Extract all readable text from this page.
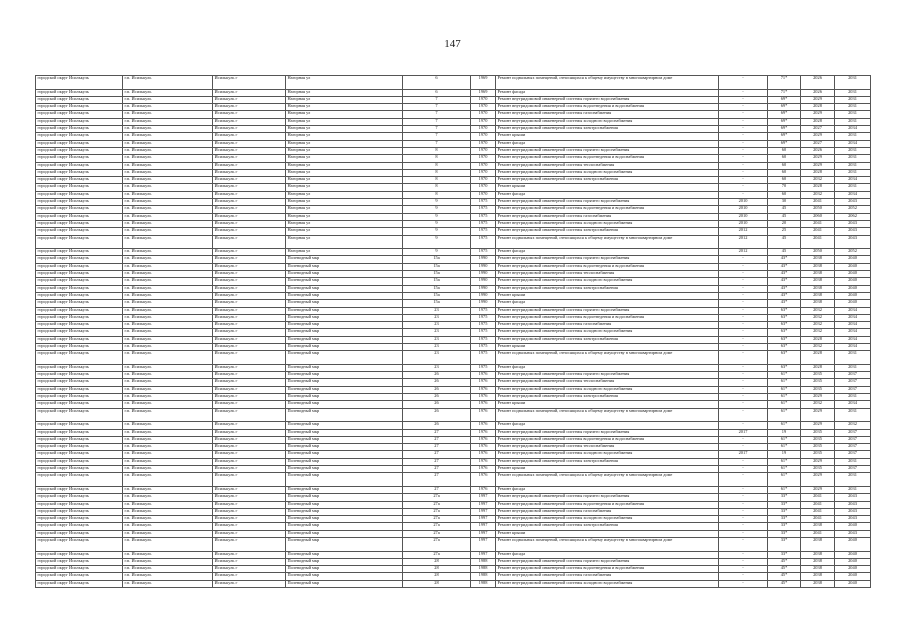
147
городской округ Исилькуль	г.п. Исилькуль	Исилькуль г	Нагорная ул	6	1969	Ремонт подвальных помещений, относящихся к общему имуществу в многоквартирном доме	-	71*	2026	2031
городской округ Исилькуль	г.п. Исилькуль	Исилькуль г	Нагорная ул	6	1969	Ремонт фасада	-	71*	2026	2031
городской округ Исилькуль	г.п. Исилькуль	Исилькуль г	Нагорная ул	7	1970	Ремонт внутридомовой инженерной системы горячего водоснабжения	-	69*	2029	2031
городской округ Исилькуль	г.п. Исилькуль	Исилькуль г	Нагорная ул	7	1970	Ремонт внутридомовой инженерной системы водоотведения и водоснабжения	-	69*	2028	2031
городской округ Исилькуль	г.п. Исилькуль	Исилькуль г	Нагорная ул	7	1970	Ремонт внутридомовой инженерной системы газоснабжения	-	69*	2029	2031
городской округ Исилькуль	г.п. Исилькуль	Исилькуль г	Нагорная ул	7	1970	Ремонт внутридомовой инженерной системы холодного водоснабжения	-	69*	2028	2031
городской округ Исилькуль	г.п. Исилькуль	Исилькуль г	Нагорная ул	7	1970	Ремонт внутридомовой инженерной системы электроснабжения	-	69*	2027	2034
городской округ Исилькуль	г.п. Исилькуль	Исилькуль г	Нагорная ул	7	1970	Ремонт крыши	-	69*	2029	2031
городской округ Исилькуль	г.п. Исилькуль	Исилькуль г	Нагорная ул	7	1970	Ремонт фасада	-	69*	2027	2034
городской округ Исилькуль	г.п. Исилькуль	Исилькуль г	Нагорная ул	8	1970	Ремонт внутридомовой инженерной системы горячего водоснабжения	-	60	2026	2031
городской округ Исилькуль	г.п. Исилькуль	Исилькуль г	Нагорная ул	8	1970	Ремонт внутридомовой инженерной системы водоотведения и водоснабжения	-	60	2029	2031
городской округ Исилькуль	г.п. Исилькуль	Исилькуль г	Нагорная ул	8	1970	Ремонт внутридомовой инженерной системы теплоснабжения	-	60	2029	2031
городской округ Исилькуль	г.п. Исилькуль	Исилькуль г	Нагорная ул	8	1970	Ремонт внутридомовой инженерной системы холодного водоснабжения	-	60	2028	2031
городской округ Исилькуль	г.п. Исилькуль	Исилькуль г	Нагорная ул	8	1970	Ремонт внутридомовой инженерной системы электроснабжения	-	60	2032	2034
городской округ Исилькуль	г.п. Исилькуль	Исилькуль г	Нагорная ул	8	1970	Ремонт крыши	-	70	2028	2031
городской округ Исилькуль	г.п. Исилькуль	Исилькуль г	Нагорная ул	8	1970	Ремонт фасада	-	60	2032	2034
городской округ Исилькуль	г.п. Исилькуль	Исилькуль г	Нагорная ул	9	1975	Ремонт внутридомовой инженерной системы горячего водоснабжения	2010	30	2041	2043
городской округ Исилькуль	г.п. Исилькуль	Исилькуль г	Нагорная ул	9	1975	Ремонт внутридомовой инженерной системы водоотведения и водоснабжения	2010	45	2050	2052
городской округ Исилькуль	г.п. Исилькуль	Исилькуль г	Нагорная ул	9	1975	Ремонт внутридомовой инженерной системы газоснабжения	2010	45	2060	2062
городской округ Исилькуль	г.п. Исилькуль	Исилькуль г	Нагорная ул	9	1975	Ремонт внутридомовой инженерной системы холодного водоснабжения	2010	20	2041	2043
городской округ Исилькуль	г.п. Исилькуль	Исилькуль г	Нагорная ул	9	1975	Ремонт внутридомовой инженерной системы электроснабжения	2012	25	2041	2043
городской округ Исилькуль	г.п. Исилькуль	Исилькуль г	Нагорная ул	9	1975	Ремонт подвальных помещений, относящихся к общему имуществу в многоквартирном доме	2012	45	2041	2043
городской округ Исилькуль	г.п. Исилькуль	Исилькуль г	Нагорная ул	9	1975	Ремонт фасада	2012	45	2050	2052
городской округ Исилькуль	г.п. Исилькуль	Исилькуль г	Полеводный мкр	15а	1990	Ремонт внутридомовой инженерной системы горячего водоснабжения	-	43*	2038	2040
городской округ Исилькуль	г.п. Исилькуль	Исилькуль г	Полеводный мкр	15а	1990	Ремонт внутридомовой инженерной системы водоотведения и водоснабжения	-	43*	2038	2040
городской округ Исилькуль	г.п. Исилькуль	Исилькуль г	Полеводный мкр	15а	1990	Ремонт внутридомовой инженерной системы теплоснабжения	-	43*	2038	2040
городской округ Исилькуль	г.п. Исилькуль	Исилькуль г	Полеводный мкр	15а	1990	Ремонт внутридомовой инженерной системы холодного водоснабжения	-	43*	2038	2040
городской округ Исилькуль	г.п. Исилькуль	Исилькуль г	Полеводный мкр	15а	1990	Ремонт внутридомовой инженерной системы электроснабжения	-	43*	2038	2040
городской округ Исилькуль	г.п. Исилькуль	Исилькуль г	Полеводный мкр	15а	1990	Ремонт крыши	-	43*	2038	2040
городской округ Исилькуль	г.п. Исилькуль	Исилькуль г	Полеводный мкр	15а	1990	Ремонт фасада	-	43*	2038	2040
городской округ Исилькуль	г.п. Исилькуль	Исилькуль г	Полеводный мкр	23	1975	Ремонт внутридомовой инженерной системы горячего водоснабжения	-	63*	2032	2034
городской округ Исилькуль	г.п. Исилькуль	Исилькуль г	Полеводный мкр	23	1975	Ремонт внутридомовой инженерной системы водоотведения и водоснабжения	-	63*	2032	2034
городской округ Исилькуль	г.п. Исилькуль	Исилькуль г	Полеводный мкр	23	1975	Ремонт внутридомовой инженерной системы газоснабжения	-	63*	2032	2034
городской округ Исилькуль	г.п. Исилькуль	Исилькуль г	Полеводный мкр	23	1975	Ремонт внутридомовой инженерной системы холодного водоснабжения	-	63*	2032	2034
городской округ Исилькуль	г.п. Исилькуль	Исилькуль г	Полеводный мкр	23	1975	Ремонт внутридомовой инженерной системы электроснабжения	-	63*	2028	2034
городской округ Исилькуль	г.п. Исилькуль	Исилькуль г	Полеводный мкр	23	1975	Ремонт крыши	-	63*	2032	2034
городской округ Исилькуль	г.п. Исилькуль	Исилькуль г	Полеводный мкр	23	1975	Ремонт подвальных помещений, относящихся к общему имуществу в многоквартирном доме	-	63*	2028	2031
городской округ Исилькуль	г.п. Исилькуль	Исилькуль г	Полеводный мкр	23	1975	Ремонт фасада	-	63*	2028	2031
городской округ Исилькуль	г.п. Исилькуль	Исилькуль г	Полеводный мкр	26	1976	Ремонт внутридомовой инженерной системы горячего водоснабжения	-	61*	2035	2037
городской округ Исилькуль	г.п. Исилькуль	Исилькуль г	Полеводный мкр	26	1976	Ремонт внутридомовой инженерной системы теплоснабжения	-	61*	2035	2037
городской округ Исилькуль	г.п. Исилькуль	Исилькуль г	Полеводный мкр	26	1976	Ремонт внутридомовой инженерной системы холодного водоснабжения	-	61*	2035	2037
городской округ Исилькуль	г.п. Исилькуль	Исилькуль г	Полеводный мкр	26	1976	Ремонт внутридомовой инженерной системы электроснабжения	-	61*	2029	2031
городской округ Исилькуль	г.п. Исилькуль	Исилькуль г	Полеводный мкр	26	1976	Ремонт крыши	-	61*	2032	2034
городской округ Исилькуль	г.п. Исилькуль	Исилькуль г	Полеводный мкр	26	1976	Ремонт подвальных помещений, относящихся к общему имуществу в многоквартирном доме	-	61*	2029	2031
городской округ Исилькуль	г.п. Исилькуль	Исилькуль г	Полеводный мкр	26	1976	Ремонт фасада	-	61*	2029	2032
городской округ Исилькуль	г.п. Исилькуль	Исилькуль г	Полеводный мкр	27	1976	Ремонт внутридомовой инженерной системы горячего водоснабжения	2017	19	2035	2037
городской округ Исилькуль	г.п. Исилькуль	Исилькуль г	Полеводный мкр	27	1976	Ремонт внутридомовой инженерной системы водоотведения и водоснабжения	-	61*	2035	2037
городской округ Исилькуль	г.п. Исилькуль	Исилькуль г	Полеводный мкр	27	1976	Ремонт внутридомовой инженерной системы теплоснабжения	-	61*	2035	2037
городской округ Исилькуль	г.п. Исилькуль	Исилькуль г	Полеводный мкр	27	1976	Ремонт внутридомовой инженерной системы холодного водоснабжения	2017	19	2035	2037
городской округ Исилькуль	г.п. Исилькуль	Исилькуль г	Полеводный мкр	27	1976	Ремонт внутридомовой инженерной системы электроснабжения	-	61*	2029	2031
городской округ Исилькуль	г.п. Исилькуль	Исилькуль г	Полеводный мкр	27	1976	Ремонт крыши	-	61*	2035	2037
городской округ Исилькуль	г.п. Исилькуль	Исилькуль г	Полеводный мкр	27	1976	Ремонт подвальных помещений, относящихся к общему имуществу в многоквартирном доме	-	61*	2029	2031
городской округ Исилькуль	г.п. Исилькуль	Исилькуль г	Полеводный мкр	27	1976	Ремонт фасада	-	61*	2029	2031
городской округ Исилькуль	г.п. Исилькуль	Исилькуль г	Полеводный мкр	27а	1997	Ремонт внутридомовой инженерной системы горячего водоснабжения	-	33*	2041	2043
городской округ Исилькуль	г.п. Исилькуль	Исилькуль г	Полеводный мкр	27а	1997	Ремонт внутридомовой инженерной системы водоотведения и водоснабжения	-	33*	2041	2043
городской округ Исилькуль	г.п. Исилькуль	Исилькуль г	Полеводный мкр	27а	1997	Ремонт внутридомовой инженерной системы газоснабжения	-	33*	2041	2043
городской округ Исилькуль	г.п. Исилькуль	Исилькуль г	Полеводный мкр	27а	1997	Ремонт внутридомовой инженерной системы холодного водоснабжения	-	33*	2041	2043
городской округ Исилькуль	г.п. Исилькуль	Исилькуль г	Полеводный мкр	27а	1997	Ремонт внутридомовой инженерной системы электроснабжения	-	33*	2038	2040
городской округ Исилькуль	г.п. Исилькуль	Исилькуль г	Полеводный мкр	27а	1997	Ремонт крыши	-	33*	2041	2043
городской округ Исилькуль	г.п. Исилькуль	Исилькуль г	Полеводный мкр	27а	1997	Ремонт подвальных помещений, относящихся к общему имуществу в многоквартирном доме	-	33*	2038	2040
городской округ Исилькуль	г.п. Исилькуль	Исилькуль г	Полеводный мкр	27а	1997	Ремонт фасада	-	33*	2038	2040
городской округ Исилькуль	г.п. Исилькуль	Исилькуль г	Полеводный мкр	28	1988	Ремонт внутридомовой инженерной системы горячего водоснабжения	-	45*	2038	2040
городской округ Исилькуль	г.п. Исилькуль	Исилькуль г	Полеводный мкр	28	1988	Ремонт внутридомовой инженерной системы водоотведения и водоснабжения	-	45*	2038	2040
городской округ Исилькуль	г.п. Исилькуль	Исилькуль г	Полеводный мкр	28	1988	Ремонт внутридомовой инженерной системы газоснабжения	-	45*	2038	2040
городской округ Исилькуль	г.п. Исилькуль	Исилькуль г	Полеводный мкр	28	1988	Ремонт внутридомовой инженерной системы холодного водоснабжения	-	45*	2038	2040
